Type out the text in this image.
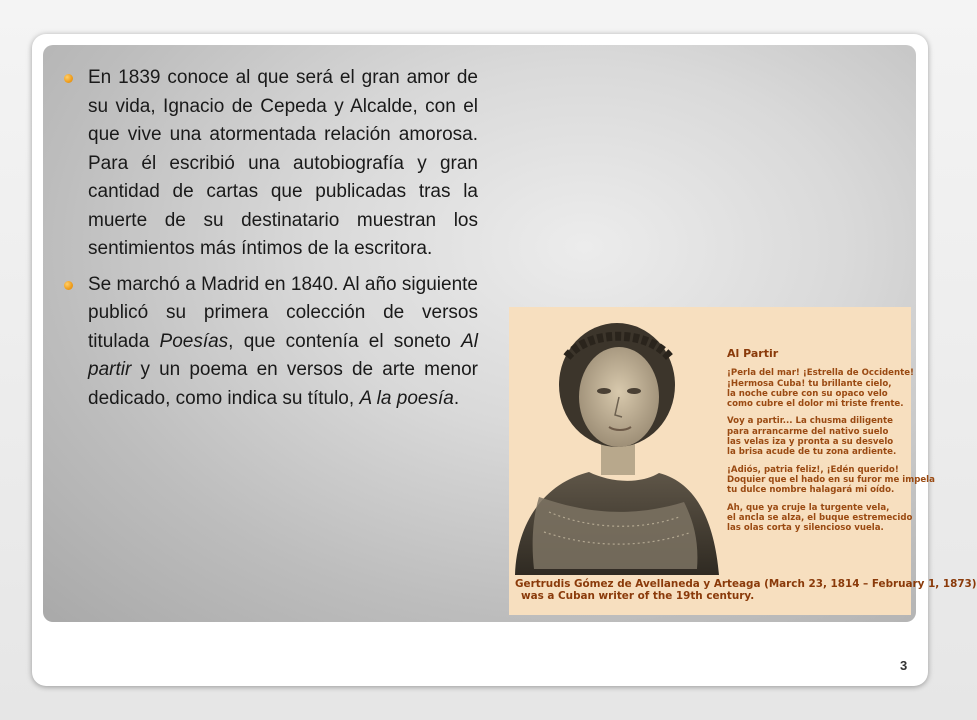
En 1839 conoce al que será el gran amor de su vida, Ignacio de Cepeda y Alcalde, con el que vive una atormentada relación amorosa. Para él escribió una autobiografía y gran cantidad de cartas que publicadas tras la muerte de su destinatario muestran los sentimientos más íntimos de la escritora.
Se marchó a Madrid en 1840. Al año siguiente publicó su primera colección de versos titulada Poesías, que contenía el soneto Al partir y un poema en versos de arte menor dedicado, como indica su título, A la poesía.
Al Partir
¡Perla del mar! ¡Estrella de Occidente!
¡Hermosa Cuba! tu brillante cielo,
la noche cubre con su opaco velo
como cubre el dolor mi triste frente.
Voy a partir... La chusma diligente
para arrancarme del nativo suelo
las velas iza y pronta a su desvelo
la brisa acude de tu zona ardiente.
¡Adiós, patria feliz!, ¡Edén querido!
Doquier que el hado en su furor me impela
tu dulce nombre halagará mi oído.
Ah, que ya cruje la turgente vela,
el ancla se alza, el buque estremecido
las olas corta y silencioso vuela.
Gertrudis Gómez de Avellaneda y Arteaga (March 23, 1814 – February 1, 1873)
was a Cuban writer of the 19th century.
3
